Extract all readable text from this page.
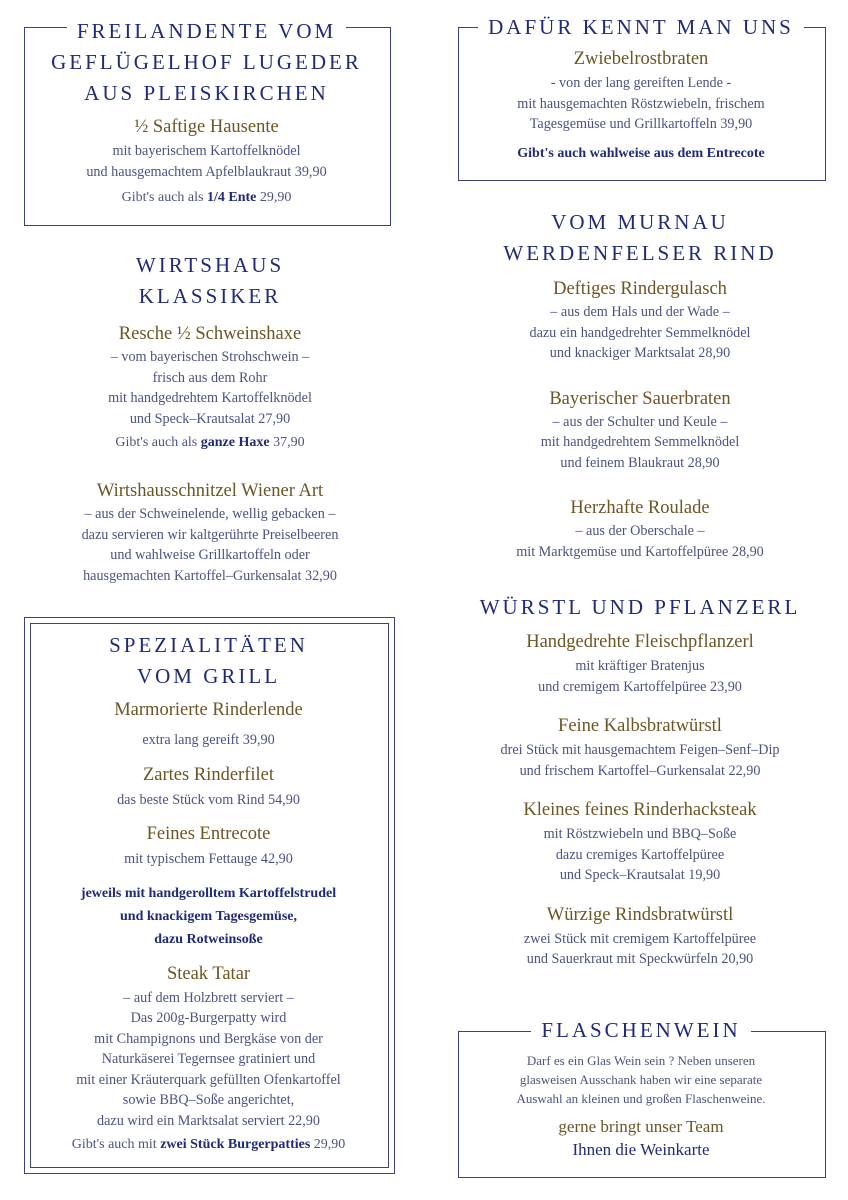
FREILANDENTE VOM
GEFLÜGELHOF LUGEDER
AUS PLEISKIRCHEN
½ Saftige Hausente
mit bayerischem Kartoffelknödel
und hausgemachtem Apfelblaukraut 39,90
Gibt's auch als 1/4 Ente 29,90
WIRTSHAUS
KLASSIKER
Resche ½ Schweinshaxe
– vom bayerischen Strohschwein –
frisch aus dem Rohr
mit handgedrehtem Kartoffelknödel
und Speck–Krautsalat 27,90
Gibt's auch als ganze Haxe 37,90
Wirtshausschnitzel Wiener Art
– aus der Schweinelende, wellig gebacken –
dazu servieren wir kaltgerührte Preiselbeeren
und wahlweise Grillkartoffeln oder
hausgemachten Kartoffel–Gurkensalat 32,90
SPEZIALITÄTEN
VOM GRILL
Marmorierte Rinderlende
extra lang gereift 39,90
Zartes Rinderfilet
das beste Stück vom Rind 54,90
Feines Entrecote
mit typischem Fettauge 42,90
jeweils mit handgerolltem Kartoffelstrudel
und knackigem Tagesgemüse,
dazu Rotweinsoße
Steak Tatar
– auf dem Holzbrett serviert –
Das 200g-Burgerpatty wird
mit Champignons und Bergkäse von der
Naturkäserei Tegernsee gratiniert und
mit einer Kräuterquark gefüllten Ofenkartoffel
sowie BBQ–Soße angerichtet,
dazu wird ein Marktsalat serviert 22,90
Gibt's auch mit zwei Stück Burgerpatties 29,90
DAFÜR KENNT MAN UNS
Zwiebelrostbraten
- von der lang gereiften Lende -
mit hausgemachten Röstzwiebeln, frischem
Tagesgemüse und Grillkartoffeln 39,90
Gibt's auch wahlweise aus dem Entrecote
VOM MURNAU
WERDENFELSER RIND
Deftiges Rindergulasch
– aus dem Hals und der Wade –
dazu ein handgedrehter Semmelknödel
und knackiger Marktsalat 28,90
Bayerischer Sauerbraten
– aus der Schulter und Keule –
mit handgedrehtem Semmelknödel
und feinem Blaukraut 28,90
Herzhafte Roulade
– aus der Oberschale –
mit Marktgemüse und Kartoffelpüree 28,90
WÜRSTL UND PFLANZERL
Handgedrehte Fleischpflanzerl
mit kräftiger Bratenjus
und cremigem Kartoffelpüree 23,90
Feine Kalbsbratwürstl
drei Stück mit hausgemachtem Feigen–Senf–Dip
und frischem Kartoffel–Gurkensalat 22,90
Kleines feines Rinderhacksteak
mit Röstzwiebeln und BBQ–Soße
dazu cremiges Kartoffelpüree
und Speck–Krautsalat 19,90
Würzige Rindsbratwürstl
zwei Stück mit cremigem Kartoffelpüree
und Sauerkraut mit Speckwürfeln 20,90
FLASCHENWEIN
Darf es ein Glas Wein sein ? Neben unseren
glasweisen Ausschank haben wir eine separate
Auswahl an kleinen und großen Flaschenweine.
gerne bringt unser Team
Ihnen die Weinkarte
